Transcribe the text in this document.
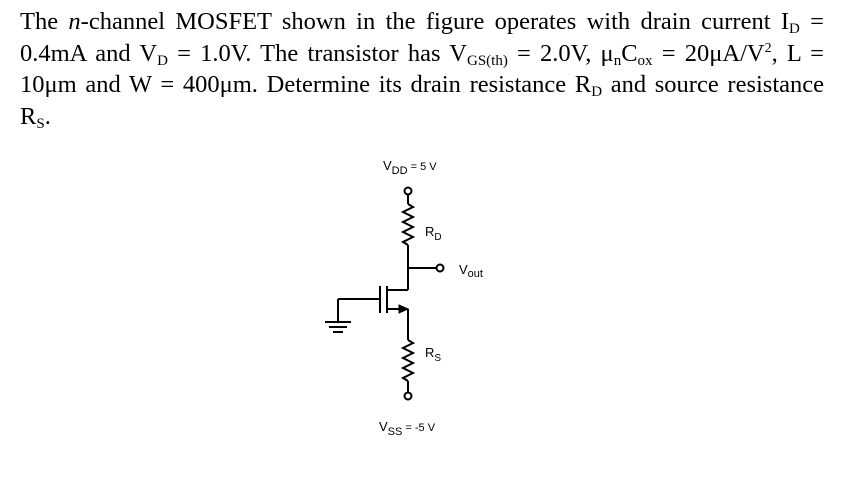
The n-channel MOSFET shown in the figure operates with drain current $I_D = 0.4mA$ and $V_D = 1.0V$. The transistor has $V_{GS(th)} = 2.0V$, $\mu_nC_{ox} = 20\mu A/V^2$, L = 10μm and W = 400μm. Determine its drain resistance $R_D$ and source resistance $R_S$.

$V_{DD}$ $^{= 5 V}$
$R_D$
$V_{out}$
$R_S$
$V_{SS}$ $^{= -5 V}$
